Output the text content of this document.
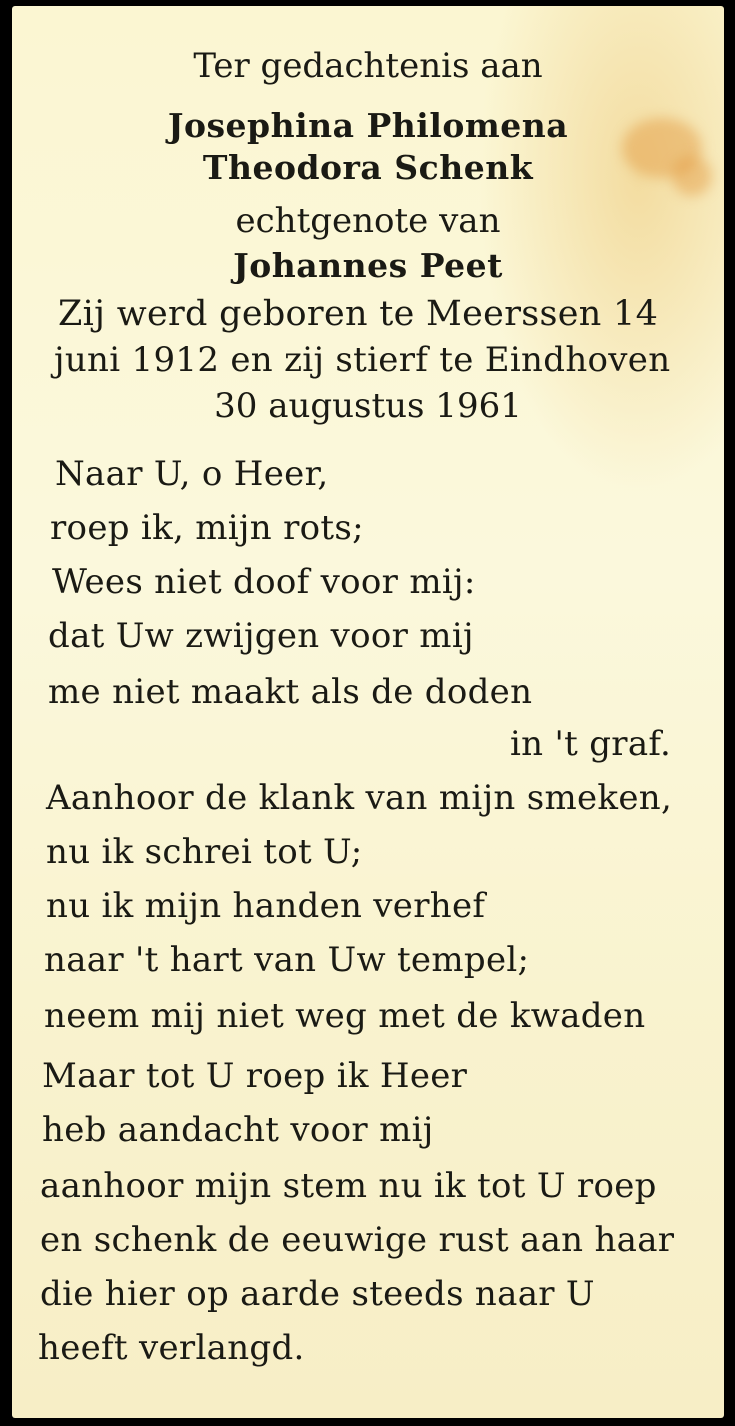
Ter gedachtenis aan
Josephina Philomena
Theodora Schenk
echtgenote van
Johannes Peet
Zij werd geboren te Meerssen 14
juni 1912 en zij stierf te Eindhoven
30 augustus 1961
Naar U, o Heer,
roep ik, mijn rots;
Wees niet doof voor mij:
dat Uw zwijgen voor mij
me niet maakt als de doden
in 't graf.
Aanhoor de klank van mijn smeken,
nu ik schrei tot U;
nu ik mijn handen verhef
naar 't hart van Uw tempel;
neem mij niet weg met de kwaden
Maar tot U roep ik Heer
heb aandacht voor mij
aanhoor mijn stem nu ik tot U roep
en schenk de eeuwige rust aan haar
die hier op aarde steeds naar U
heeft verlangd.
